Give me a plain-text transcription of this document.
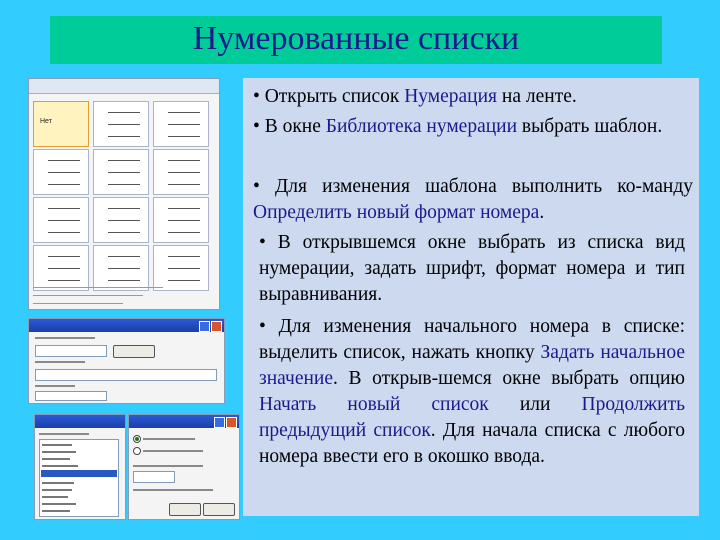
Нумерованные списки
Нет
• Открыть список Нумерация на ленте.
• В окне Библиотека нумерации выбрать шаблон.
• Для изменения шаблона выполнить ко-манду Определить новый формат номера.
• В открывшемся окне выбрать из списка вид нумерации, задать шрифт, формат номера и тип выравнивания.
• Для изменения начального номера в списке: выделить список, нажать кнопку Задать начальное значение. В открыв-шемся окне выбрать опцию Начать новый список или Продолжить предыдущий список. Для начала списка с любого номера ввести его в окошко ввода.
